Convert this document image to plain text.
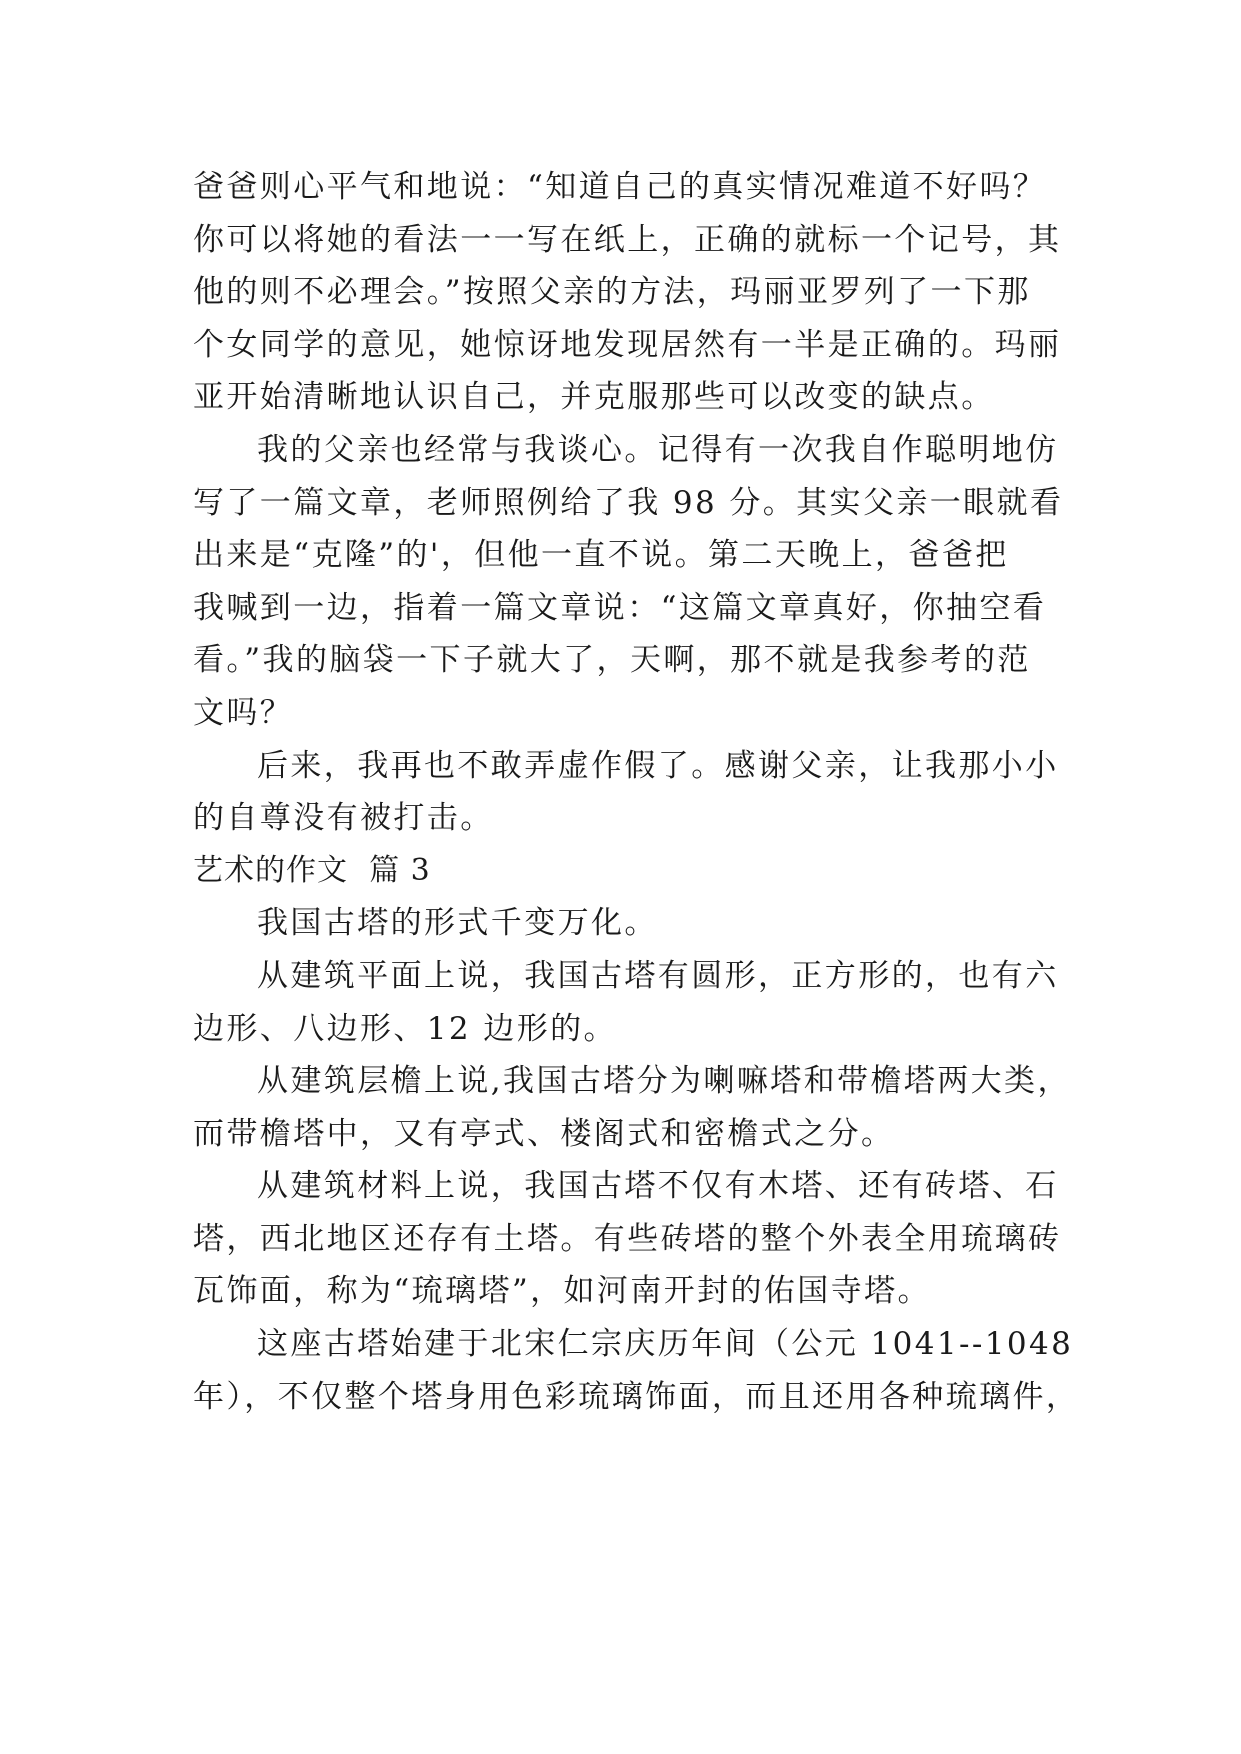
爸爸则心平气和地说：“知道自己的真实情况难道不好吗？
你可以将她的看法一一写在纸上，正确的就标一个记号，其
他的则不必理会。”按照父亲的方法，玛丽亚罗列了一下那
个女同学的意见，她惊讶地发现居然有一半是正确的。玛丽
亚开始清晰地认识自己，并克服那些可以改变的缺点。

我的父亲也经常与我谈心。记得有一次我自作聪明地仿
写了一篇文章，老师照例给了我 98 分。其实父亲一眼就看
出来是“克隆”的'，但他一直不说。第二天晚上，爸爸把
我喊到一边，指着一篇文章说：“这篇文章真好，你抽空看
看。”我的脑袋一下子就大了，天啊，那不就是我参考的范
文吗？

后来，我再也不敢弄虚作假了。感谢父亲，让我那小小
的自尊没有被打击。

艺术的作文  篇 3

我国古塔的形式千变万化。

从建筑平面上说，我国古塔有圆形，正方形的，也有六
边形、八边形、12 边形的。

从建筑层檐上说,我国古塔分为喇嘛塔和带檐塔两大类，
而带檐塔中，又有亭式、楼阁式和密檐式之分。

从建筑材料上说，我国古塔不仅有木塔、还有砖塔、石
塔，西北地区还存有土塔。有些砖塔的整个外表全用琉璃砖
瓦饰面，称为“琉璃塔”，如河南开封的佑国寺塔。

这座古塔始建于北宋仁宗庆历年间（公元 1041--1048
年），不仅整个塔身用色彩琉璃饰面，而且还用各种琉璃件，
